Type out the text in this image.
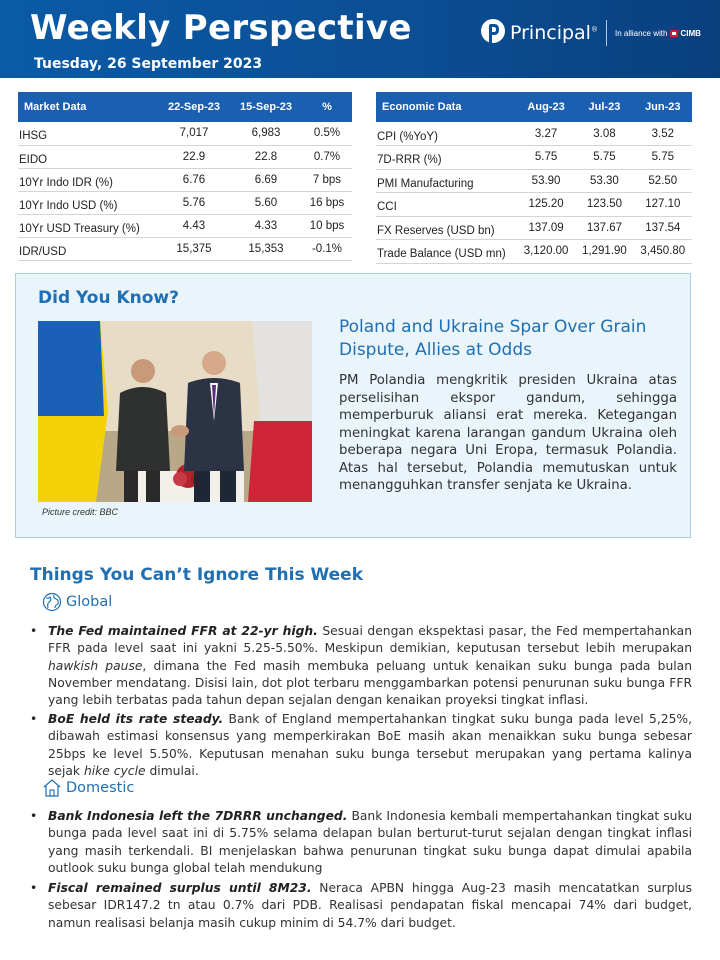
Weekly Perspective
Tuesday, 26 September 2023
Principal® In alliance with CIMB
Market Data	22-Sep-23	15-Sep-23	%
IHSG	7,017	6,983	0.5%
EIDO	22.9	22.8	0.7%
10Yr Indo IDR (%)	6.76	6.69	7 bps
10Yr Indo USD (%)	5.76	5.60	16 bps
10Yr USD Treasury (%)	4.43	4.33	10 bps
IDR/USD	15,375	15,353	-0.1%
Economic Data	Aug-23	Jul-23	Jun-23
CPI (%YoY)	3.27	3.08	3.52
7D-RRR (%)	5.75	5.75	5.75
PMI Manufacturing	53.90	53.30	52.50
CCI	125.20	123.50	127.10
FX Reserves (USD bn)	137.09	137.67	137.54
Trade Balance (USD mn)	3,120.00	1,291.90	3,450.80
Did You Know?
Picture credit: BBC
Poland and Ukraine Spar Over Grain Dispute, Allies at Odds
PM Polandia mengkritik presiden Ukraina atas perselisihan ekspor gandum, sehingga memperburuk aliansi erat mereka. Ketegangan meningkat karena larangan gandum Ukraina oleh beberapa negara Uni Eropa, termasuk Polandia. Atas hal tersebut, Polandia memutuskan untuk menangguhkan transfer senjata ke Ukraina.
Things You Can’t Ignore This Week
Global
• The Fed maintained FFR at 22-yr high. Sesuai dengan ekspektasi pasar, the Fed mempertahankan FFR pada level saat ini yakni 5.25-5.50%. Meskipun demikian, keputusan tersebut lebih merupakan hawkish pause, dimana the Fed masih membuka peluang untuk kenaikan suku bunga pada bulan November mendatang. Disisi lain, dot plot terbaru menggambarkan potensi penurunan suku bunga FFR yang lebih terbatas pada tahun depan sejalan dengan kenaikan proyeksi tingkat inflasi.
• BoE held its rate steady. Bank of England mempertahankan tingkat suku bunga pada level 5,25%, dibawah estimasi konsensus yang memperkirakan BoE masih akan menaikkan suku bunga sebesar 25bps ke level 5.50%. Keputusan menahan suku bunga tersebut merupakan yang pertama kalinya sejak hike cycle dimulai.
Domestic
• Bank Indonesia left the 7DRRR unchanged. Bank Indonesia kembali mempertahankan tingkat suku bunga pada level saat ini di 5.75% selama delapan bulan berturut-turut sejalan dengan tingkat inflasi yang masih terkendali. BI menjelaskan bahwa penurunan tingkat suku bunga dapat dimulai apabila outlook suku bunga global telah mendukung
• Fiscal remained surplus until 8M23. Neraca APBN hingga Aug-23 masih mencatatkan surplus sebesar IDR147.2 tn atau 0.7% dari PDB. Realisasi pendapatan fiskal mencapai 74% dari budget, namun realisasi belanja masih cukup minim di 54.7% dari budget.
